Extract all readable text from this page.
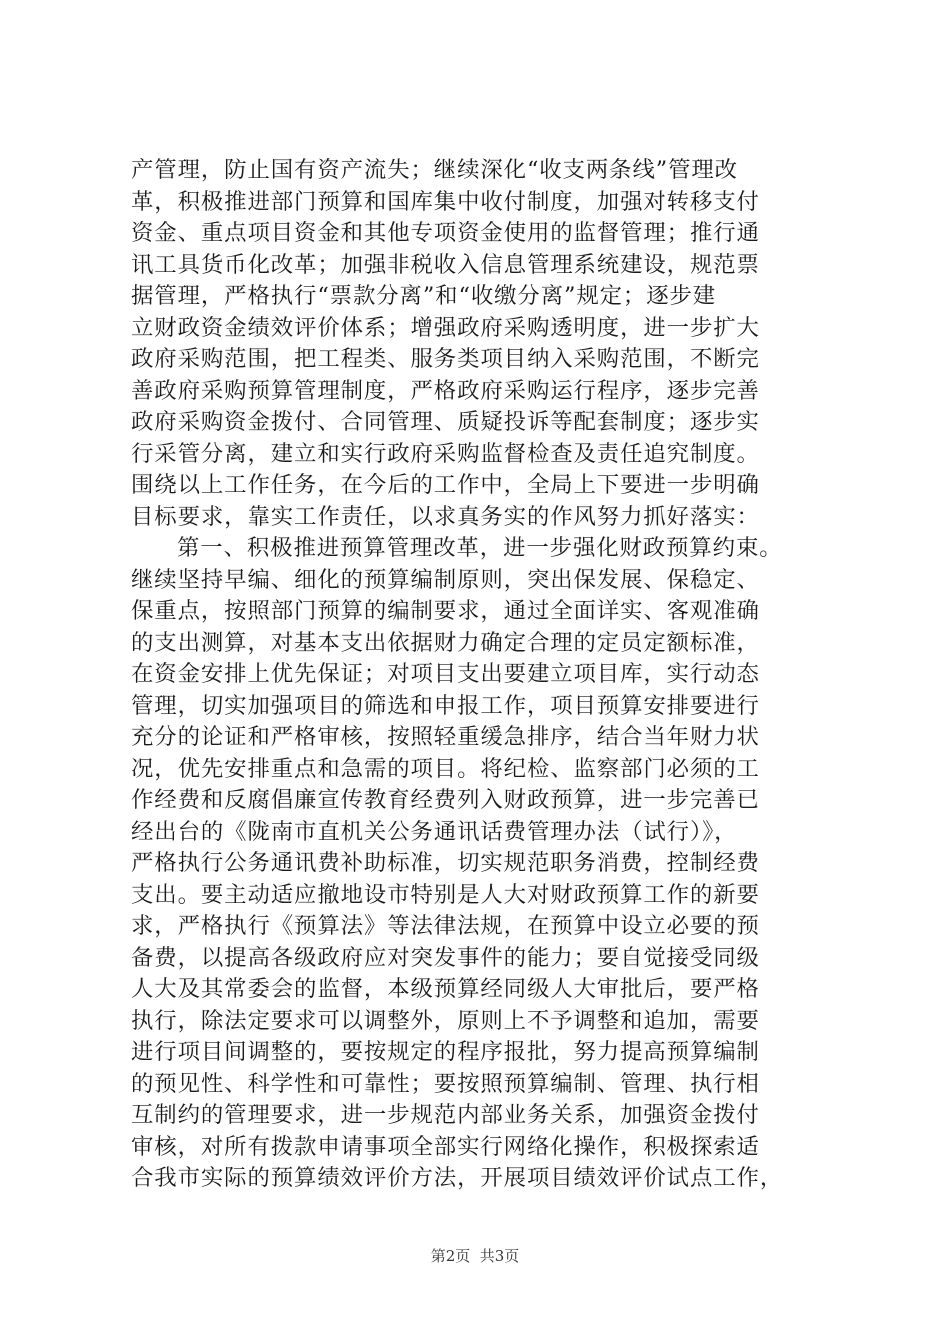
产管理，防止国有资产流失；继续深化“收支两条线”管理改
革，积极推进部门预算和国库集中收付制度，加强对转移支付
资金、重点项目资金和其他专项资金使用的监督管理；推行通
讯工具货币化改革；加强非税收入信息管理系统建设，规范票
据管理，严格执行“票款分离”和“收缴分离”规定；逐步建
立财政资金绩效评价体系；增强政府采购透明度，进一步扩大
政府采购范围，把工程类、服务类项目纳入采购范围，不断完
善政府采购预算管理制度，严格政府采购运行程序，逐步完善
政府采购资金拨付、合同管理、质疑投诉等配套制度；逐步实
行采管分离，建立和实行政府采购监督检查及责任追究制度。
围绕以上工作任务，在今后的工作中，全局上下要进一步明确
目标要求，靠实工作责任，以求真务实的作风努力抓好落实：
第一、积极推进预算管理改革，进一步强化财政预算约束。
继续坚持早编、细化的预算编制原则，突出保发展、保稳定、
保重点，按照部门预算的编制要求，通过全面详实、客观准确
的支出测算，对基本支出依据财力确定合理的定员定额标准，
在资金安排上优先保证；对项目支出要建立项目库，实行动态
管理，切实加强项目的筛选和申报工作，项目预算安排要进行
充分的论证和严格审核，按照轻重缓急排序，结合当年财力状
况，优先安排重点和急需的项目。将纪检、监察部门必须的工
作经费和反腐倡廉宣传教育经费列入财政预算，进一步完善已
经出台的《陇南市直机关公务通讯话费管理办法（试行）》，
严格执行公务通讯费补助标准，切实规范职务消费，控制经费
支出。要主动适应撤地设市特别是人大对财政预算工作的新要
求，严格执行《预算法》等法律法规，在预算中设立必要的预
备费，以提高各级政府应对突发事件的能力；要自觉接受同级
人大及其常委会的监督，本级预算经同级人大审批后，要严格
执行，除法定要求可以调整外，原则上不予调整和追加，需要
进行项目间调整的，要按规定的程序报批，努力提高预算编制
的预见性、科学性和可靠性；要按照预算编制、管理、执行相
互制约的管理要求，进一步规范内部业务关系，加强资金拨付
审核，对所有拨款申请事项全部实行网络化操作，积极探索适
合我市实际的预算绩效评价方法，开展项目绩效评价试点工作，
第2页  共3页
